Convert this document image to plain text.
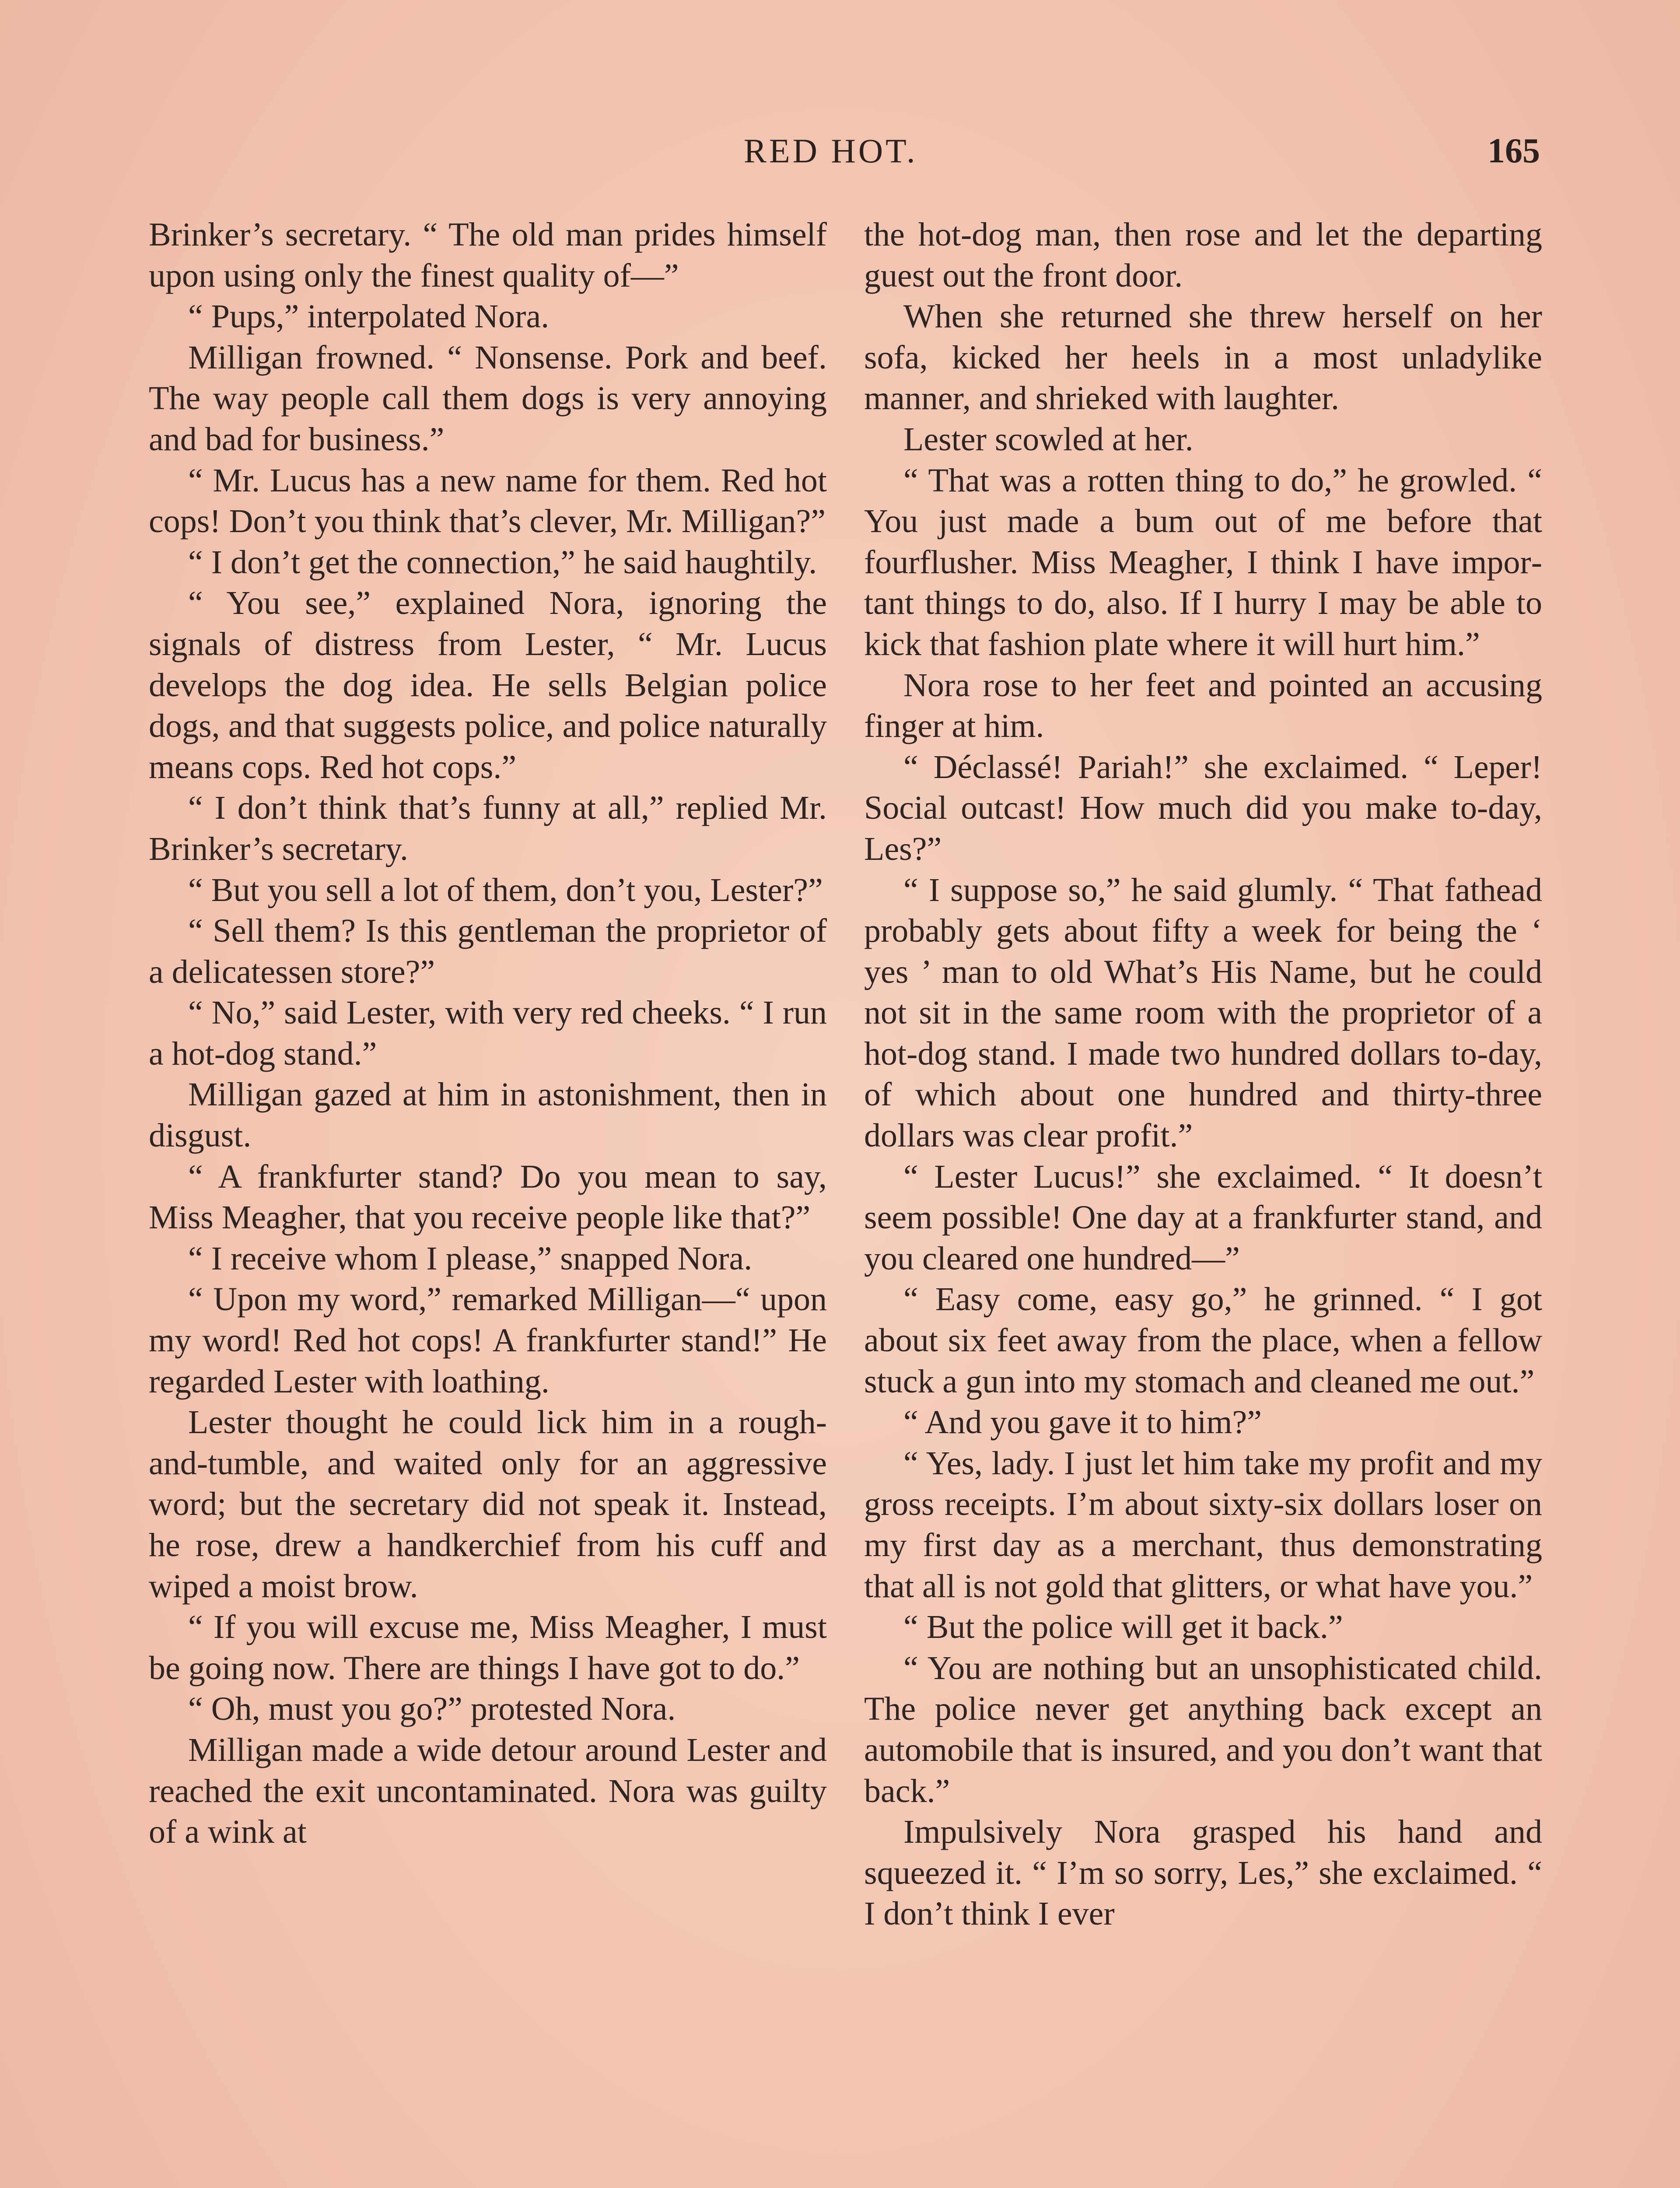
RED HOT.	165

Brinker’s secretary. “ The old man prides himself upon using only the finest quality of—”

“ Pups,” interpolated Nora.

Milligan frowned. “ Nonsense. Pork and beef. The way people call them dogs is very annoying and bad for business.”

“ Mr. Lucus has a new name for them. Red hot cops! Don’t you think that’s clever, Mr. Milligan?”

“ I don’t get the connection,” he said haughtily.

“ You see,” explained Nora, ignoring the signals of distress from Lester, “ Mr. Lucus develops the dog idea. He sells Belgian police dogs, and that suggests police, and police naturally means cops. Red hot cops.”

“ I don’t think that’s funny at all,” replied Mr. Brinker’s secretary.

“ But you sell a lot of them, don’t you, Lester?”

“ Sell them? Is this gentleman the proprietor of a delicatessen store?”

“ No,” said Lester, with very red cheeks. “ I run a hot-dog stand.”

Milligan gazed at him in astonishment, then in disgust.

“ A frankfurter stand? Do you mean to say, Miss Meagher, that you receive people like that?”

“ I receive whom I please,” snapped Nora.

“ Upon my word,” remarked Milligan—“ upon my word! Red hot cops! A frankfurter stand!” He regarded Lester with loathing.

Lester thought he could lick him in a rough-and-tumble, and waited only for an aggressive word; but the secretary did not speak it. Instead, he rose, drew a handkerchief from his cuff and wiped a moist brow.

“ If you will excuse me, Miss Meagher, I must be going now. There are things I have got to do.”

“ Oh, must you go?” protested Nora.

Milligan made a wide detour around Lester and reached the exit uncontaminated. Nora was guilty of a wink at

the hot-dog man, then rose and let the departing guest out the front door.

When she returned she threw herself on her sofa, kicked her heels in a most unladylike manner, and shrieked with laughter.

Lester scowled at her.

“ That was a rotten thing to do,” he growled. “ You just made a bum out of me before that fourflusher. Miss Meagher, I think I have important things to do, also. If I hurry I may be able to kick that fashion plate where it will hurt him.”

Nora rose to her feet and pointed an accusing finger at him.

“ Déclassé! Pariah!” she exclaimed. “ Leper! Social outcast! How much did you make to-day, Les?”

“ I suppose so,” he said glumly. “ That fathead probably gets about fifty a week for being the ‘ yes ’ man to old What’s His Name, but he could not sit in the same room with the proprietor of a hot-dog stand. I made two hundred dollars to-day, of which about one hundred and thirty-three dollars was clear profit.”

“ Lester Lucus!” she exclaimed. “ It doesn’t seem possible! One day at a frankfurter stand, and you cleared one hundred—”

“ Easy come, easy go,” he grinned. “ I got about six feet away from the place, when a fellow stuck a gun into my stomach and cleaned me out.”

“ And you gave it to him?”

“ Yes, lady. I just let him take my profit and my gross receipts. I’m about sixty-six dollars loser on my first day as a merchant, thus demonstrating that all is not gold that glitters, or what have you.”

“ But the police will get it back.”

“ You are nothing but an unsophisticated child. The police never get anything back except an automobile that is insured, and you don’t want that back.”

Impulsively Nora grasped his hand and squeezed it. “ I’m so sorry, Les,” she exclaimed. “ I don’t think I ever
